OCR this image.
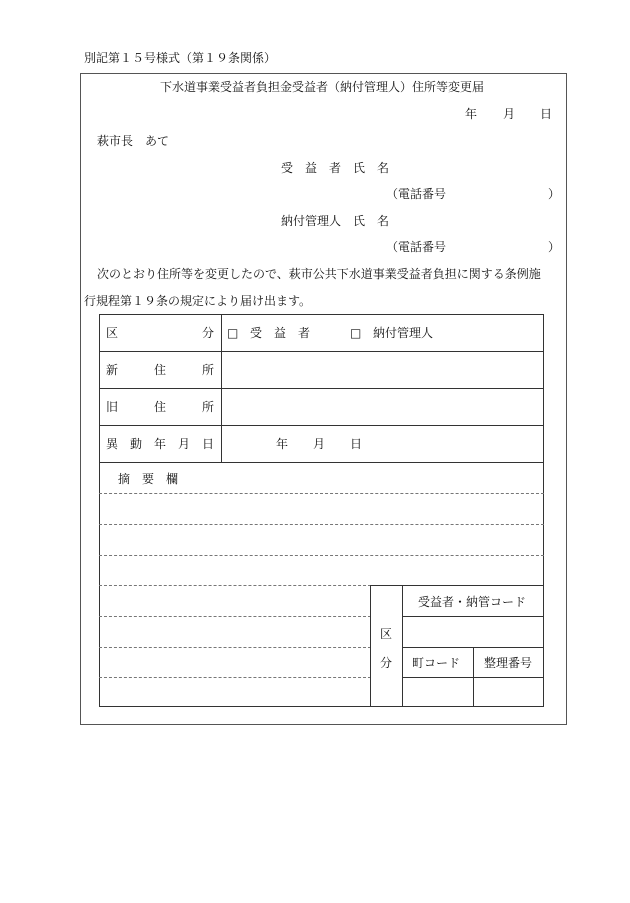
別記第１５号様式（第１９条関係）
下水道事業受益者負担金受益者（納付管理人）住所等変更届
年 月 日
萩市長　あて
受　益　者　氏　名
（電話番号	）
納付管理人　氏　名
（電話番号	）
次のとおり住所等を変更したので、萩市公共下水道事業受益者負担に関する条例施
行規程第１９条の規定により届け出ます。
区	分 □ 受　益　者	□ 納付管理人
新	住	所
旧	住	所
異 動 年 月 日	年 月 日
摘　要　欄
区
分
受益者・納管コード
町コード 整理番号
